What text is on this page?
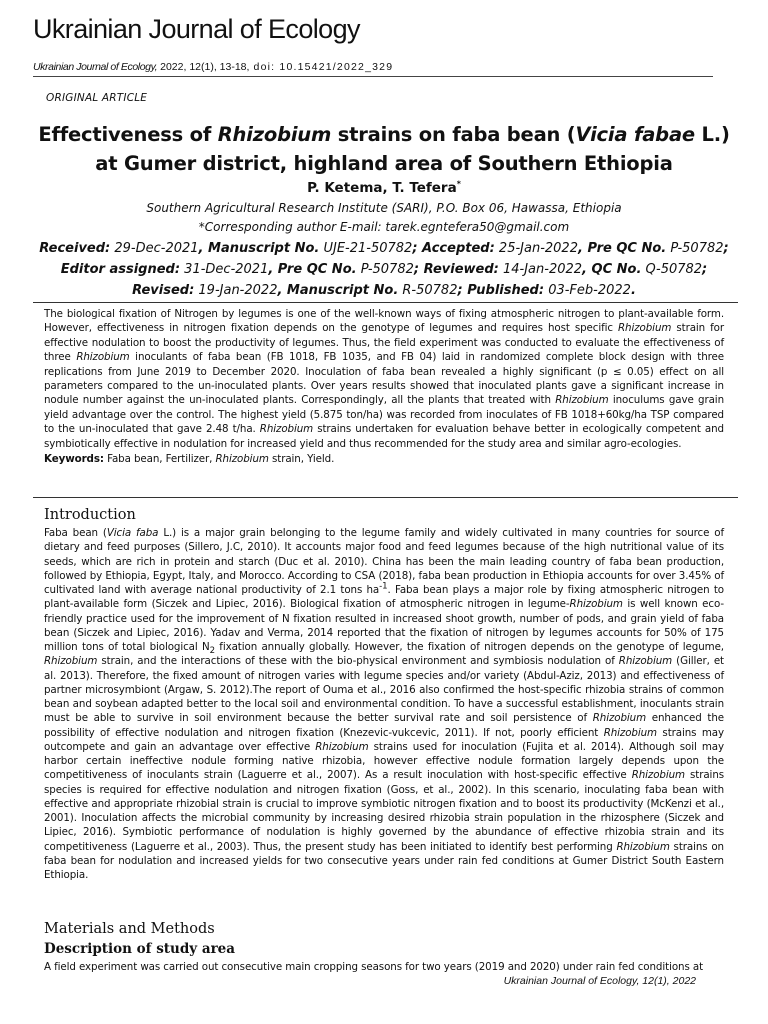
Ukrainian Journal of Ecology
Ukrainian Journal of Ecology, 2022, 12(1), 13-18, doi: 10.15421/2022_329
ORIGINAL ARTICLE
Effectiveness of Rhizobium strains on faba bean (Vicia fabae L.) at Gumer district, highland area of Southern Ethiopia
P. Ketema, T. Tefera*
Southern Agricultural Research Institute (SARI), P.O. Box 06, Hawassa, Ethiopia
*Corresponding author E-mail: tarek.egntefera50@gmail.com
Received: 29-Dec-2021, Manuscript No. UJE-21-50782; Accepted: 25-Jan-2022, Pre QC No. P-50782;
Editor assigned: 31-Dec-2021, Pre QC No. P-50782; Reviewed: 14-Jan-2022, QC No. Q-50782;
Revised: 19-Jan-2022, Manuscript No. R-50782; Published: 03-Feb-2022.
The biological fixation of Nitrogen by legumes is one of the well-known ways of fixing atmospheric nitrogen to plant-available form. However, effectiveness in nitrogen fixation depends on the genotype of legumes and requires host specific Rhizobium strain for effective nodulation to boost the productivity of legumes. Thus, the field experiment was conducted to evaluate the effectiveness of three Rhizobium inoculants of faba bean (FB 1018, FB 1035, and FB 04) laid in randomized complete block design with three replications from June 2019 to December 2020. Inoculation of faba bean revealed a highly significant (p ≤ 0.05) effect on all parameters compared to the un-inoculated plants. Over years results showed that inoculated plants gave a significant increase in nodule number against the un-inoculated plants. Correspondingly, all the plants that treated with Rhizobium inoculums gave grain yield advantage over the control. The highest yield (5.875 ton/ha) was recorded from inoculates of FB 1018+60kg/ha TSP compared to the un-inoculated that gave 2.48 t/ha. Rhizobium strains undertaken for evaluation behave better in ecologically competent and symbiotically effective in nodulation for increased yield and thus recommended for the study area and similar agro-ecologies.
Keywords: Faba bean, Fertilizer, Rhizobium strain, Yield.
Introduction
Faba bean (Vicia faba L.) is a major grain belonging to the legume family and widely cultivated in many countries for source of dietary and feed purposes (Sillero, J.C, 2010). It accounts major food and feed legumes because of the high nutritional value of its seeds, which are rich in protein and starch (Duc et al. 2010). China has been the main leading country of faba bean production, followed by Ethiopia, Egypt, Italy, and Morocco. According to CSA (2018), faba bean production in Ethiopia accounts for over 3.45% of cultivated land with average national productivity of 2.1 tons $ha^{-1}$. Faba bean plays a major role by fixing atmospheric nitrogen to plant-available form (Siczek and Lipiec, 2016). Biological fixation of atmospheric nitrogen in legume-Rhizobium is well known eco-friendly practice used for the improvement of N fixation resulted in increased shoot growth, number of pods, and grain yield of faba bean (Siczek and Lipiec, 2016). Yadav and Verma, 2014 reported that the fixation of nitrogen by legumes accounts for 50% of 175 million tons of total biological $N_2$ fixation annually globally. However, the fixation of nitrogen depends on the genotype of legume, Rhizobium strain, and the interactions of these with the bio-physical environment and symbiosis nodulation of Rhizobium (Giller, et al. 2013). Therefore, the fixed amount of nitrogen varies with legume species and/or variety (Abdul-Aziz, 2013) and effectiveness of partner microsymbiont (Argaw, S. 2012).The report of Ouma et al., 2016 also confirmed the host-specific rhizobia strains of common bean and soybean adapted better to the local soil and environmental condition. To have a successful establishment, inoculants strain must be able to survive in soil environment because the better survival rate and soil persistence of Rhizobium enhanced the possibility of effective nodulation and nitrogen fixation (Knezevic-vukcevic, 2011). If not, poorly efficient Rhizobium strains may outcompete and gain an advantage over effective Rhizobium strains used for inoculation (Fujita et al. 2014). Although soil may harbor certain ineffective nodule forming native rhizobia, however effective nodule formation largely depends upon the competitiveness of inoculants strain (Laguerre et al., 2007). As a result inoculation with host-specific effective Rhizobium strains species is required for effective nodulation and nitrogen fixation (Goss, et al., 2002). In this scenario, inoculating faba bean with effective and appropriate rhizobial strain is crucial to improve symbiotic nitrogen fixation and to boost its productivity (McKenzi et al., 2001). Inoculation affects the microbial community by increasing desired rhizobia strain population in the rhizosphere (Siczek and Lipiec, 2016). Symbiotic performance of nodulation is highly governed by the abundance of effective rhizobia strain and its competitiveness (Laguerre et al., 2003). Thus, the present study has been initiated to identify best performing Rhizobium strains on faba bean for nodulation and increased yields for two consecutive years under rain fed conditions at Gumer District South Eastern Ethiopia.
Materials and Methods
Description of study area
A field experiment was carried out consecutive main cropping seasons for two years (2019 and 2020) under rain fed conditions at
Ukrainian Journal of Ecology, 12(1), 2022
